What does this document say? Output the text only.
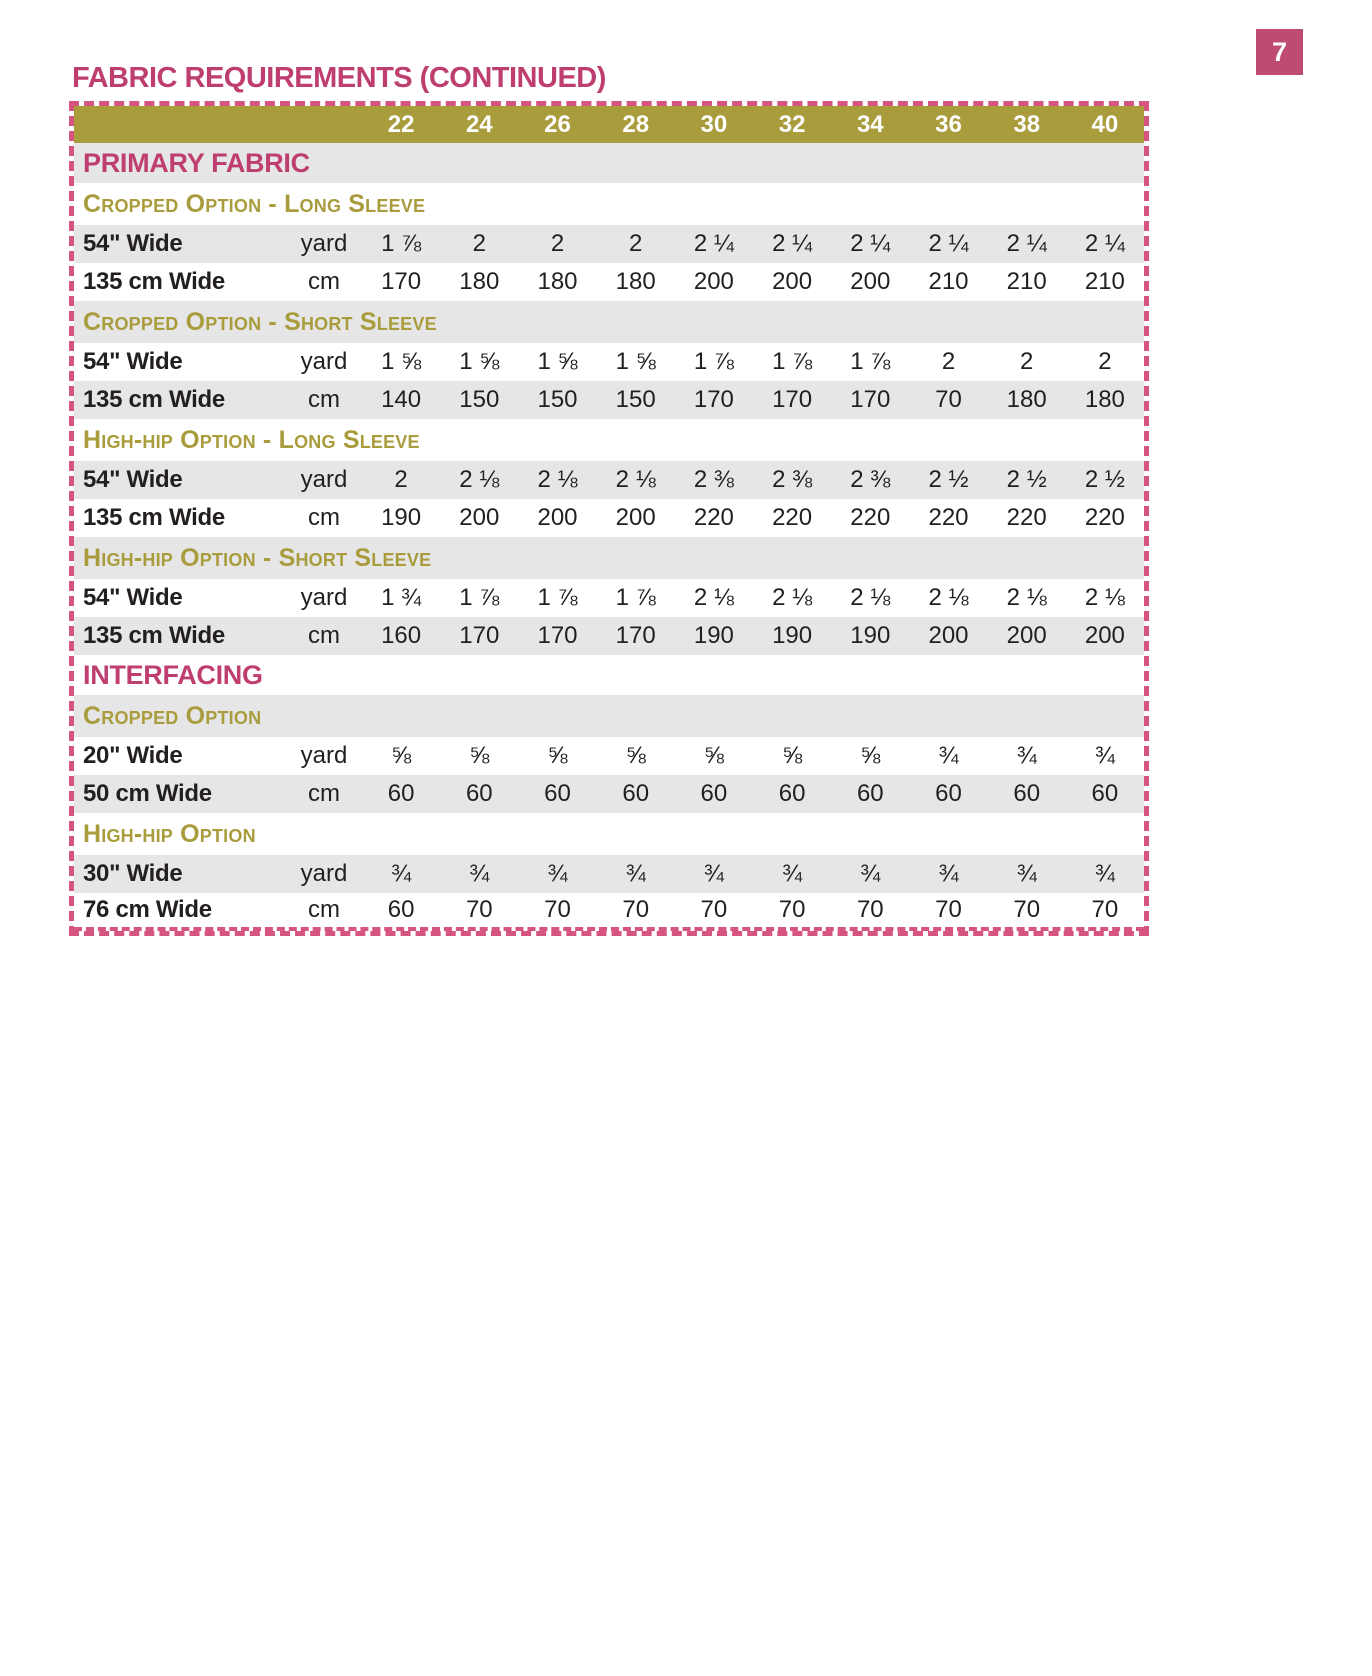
7
FABRIC REQUIREMENTS (CONTINUED)
22	24	26	28	30	32	34	36	38	40
PRIMARY FABRIC
Cropped Option - Long Sleeve
54" Wide	yard	1 ⅞	2	2	2	2 ¼	2 ¼	2 ¼	2 ¼	2 ¼	2 ¼
135 cm Wide	cm	170	180	180	180	200	200	200	210	210	210
Cropped Option - Short Sleeve
54" Wide	yard	1 ⅝	1 ⅝	1 ⅝	1 ⅝	1 ⅞	1 ⅞	1 ⅞	2	2	2
135 cm Wide	cm	140	150	150	150	170	170	170	70	180	180
High-hip Option - Long Sleeve
54" Wide	yard	2	2 ⅛	2 ⅛	2 ⅛	2 ⅜	2 ⅜	2 ⅜	2 ½	2 ½	2 ½
135 cm Wide	cm	190	200	200	200	220	220	220	220	220	220
High-hip Option - Short Sleeve
54" Wide	yard	1 ¾	1 ⅞	1 ⅞	1 ⅞	2 ⅛	2 ⅛	2 ⅛	2 ⅛	2 ⅛	2 ⅛
135 cm Wide	cm	160	170	170	170	190	190	190	200	200	200
INTERFACING
Cropped Option
20" Wide	yard	⅝	⅝	⅝	⅝	⅝	⅝	⅝	¾	¾	¾
50 cm Wide	cm	60	60	60	60	60	60	60	60	60	60
High-hip Option
30" Wide	yard	¾	¾	¾	¾	¾	¾	¾	¾	¾	¾
76 cm Wide	cm	60	70	70	70	70	70	70	70	70	70
